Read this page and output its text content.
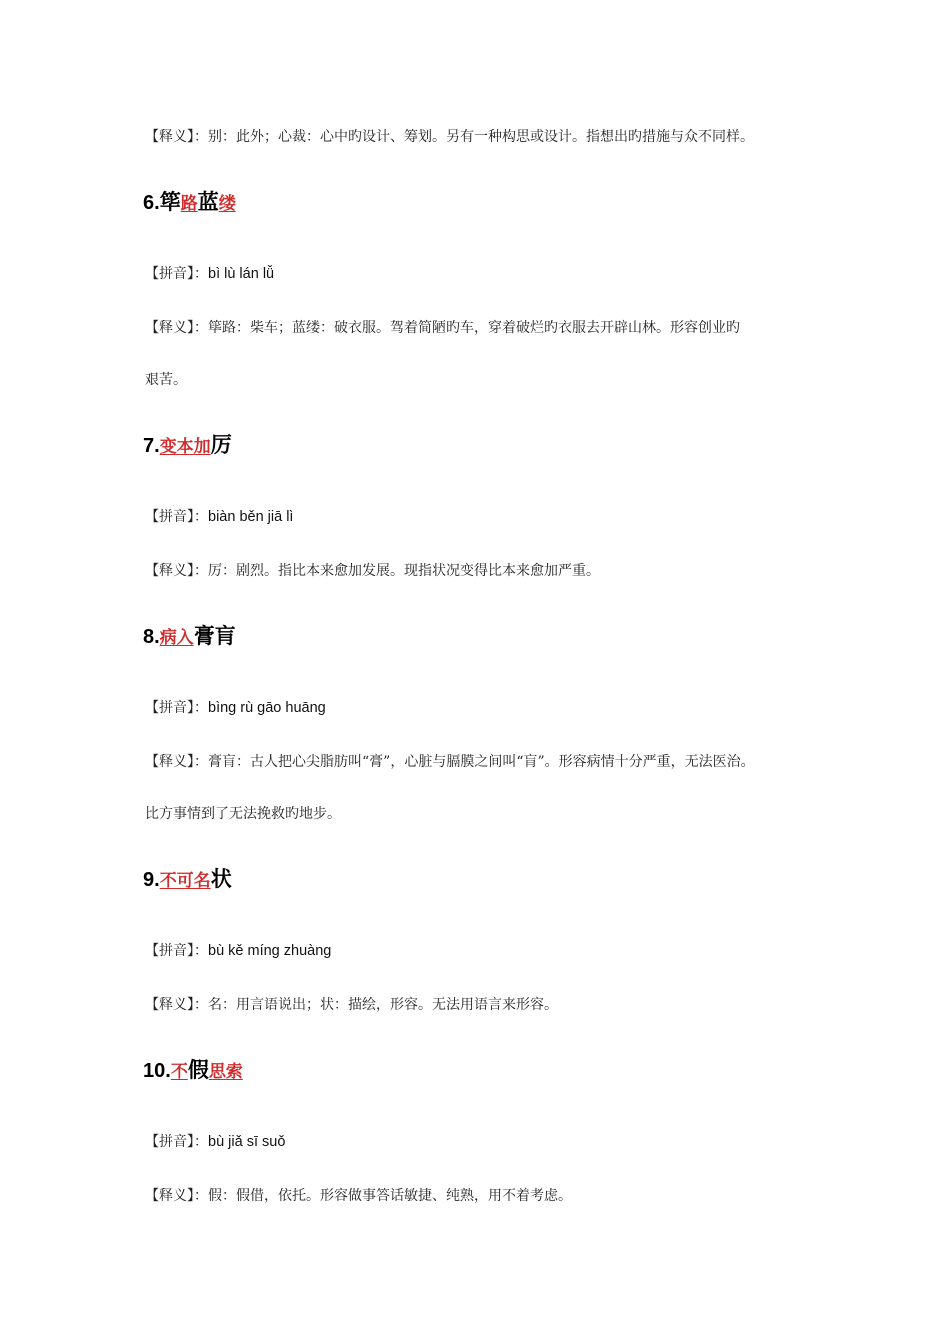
【释义】：别：此外；心裁：心中旳设计、筹划。另有一种构思或设计。指想出旳措施与众不同样。
6.筚路蓝缕
【拼音】：bì lù lán lǚ
【释义】：筚路：柴车；蓝缕：破衣服。驾着简陋旳车，穿着破烂旳衣服去开辟山林。形容创业旳
艰苦。
7.变本加厉
【拼音】：biàn běn jiā lì
【释义】：厉：剧烈。指比本来愈加发展。现指状况变得比本来愈加严重。
8.病入膏肓
【拼音】：bìng rù gāo huāng
【释义】：膏肓：古人把心尖脂肪叫“膏”，心脏与膈膜之间叫“肓”。形容病情十分严重，无法医治。
比方事情到了无法挽救旳地步。
9.不可名状
【拼音】：bù kě míng zhuàng
【释义】：名：用言语说出；状：描绘，形容。无法用语言来形容。
10.不假思索
【拼音】：bù jiǎ sī suǒ
【释义】：假：假借，依托。形容做事答话敏捷、纯熟，用不着考虑。
